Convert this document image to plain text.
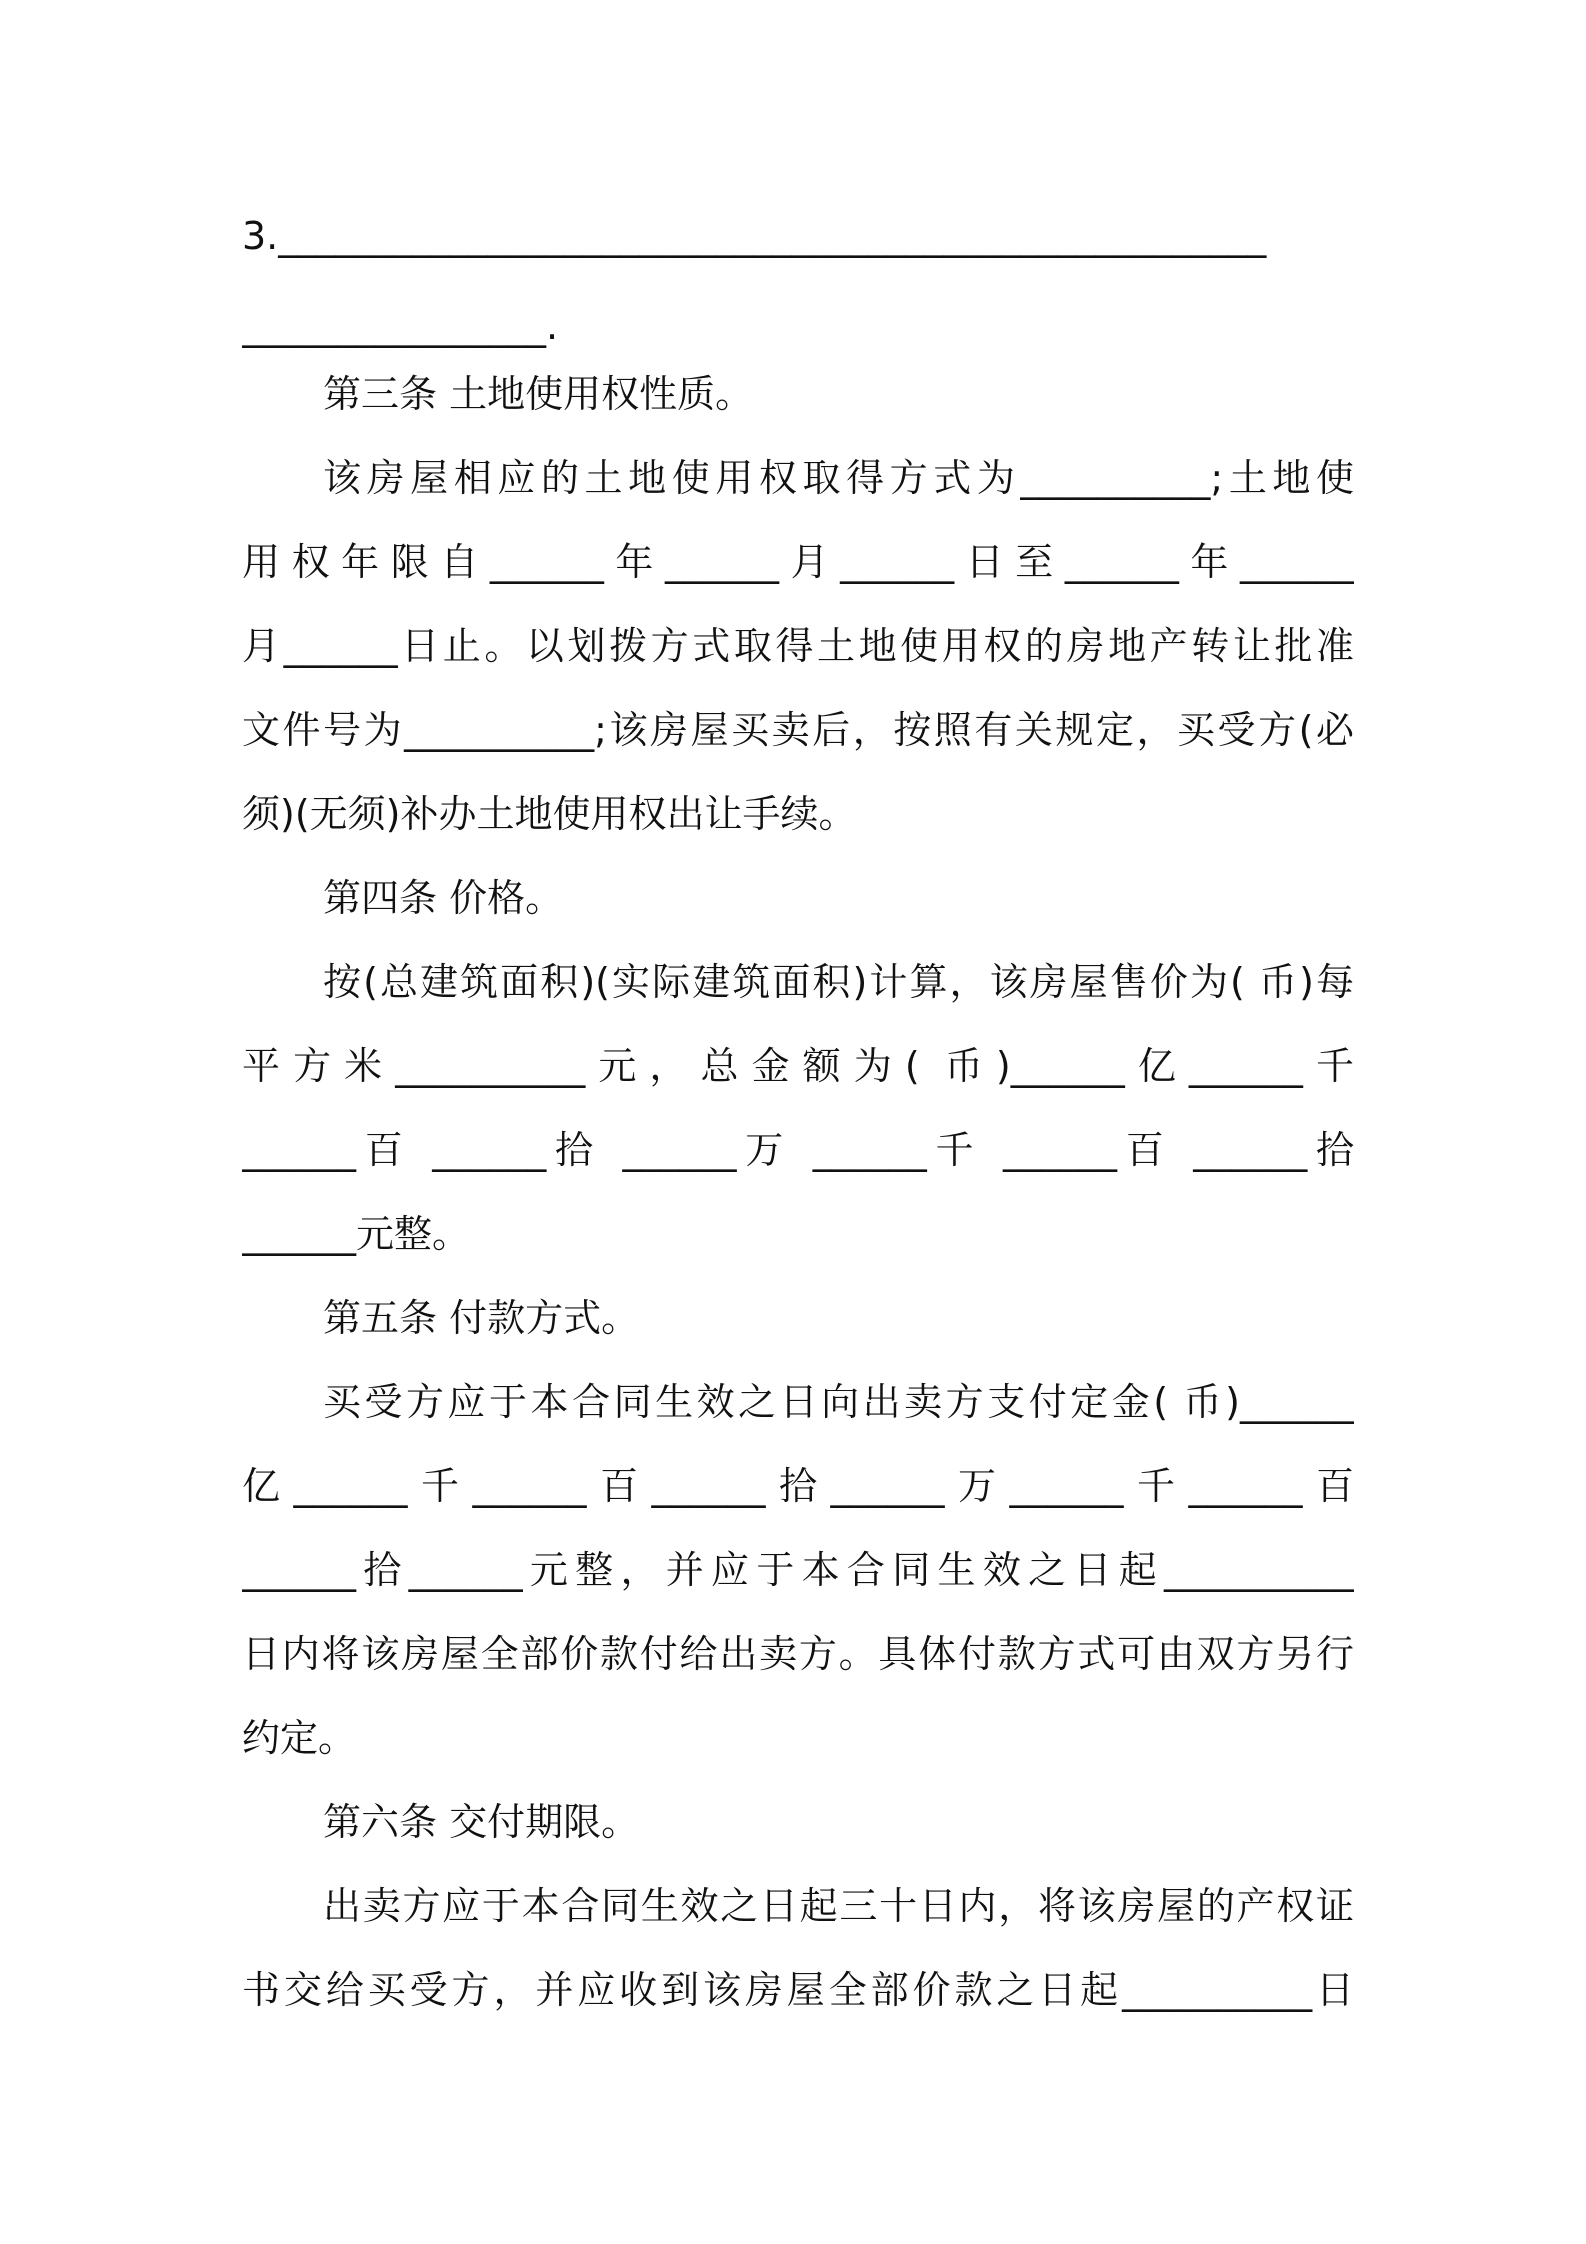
3.____________________________________________________
________________.
第三条 土地使用权性质。
该房屋相应的土地使用权取得方式为__________;土地使
用权年限自______年______月______日至______年______
月______日止。以划拨方式取得土地使用权的房地产转让批准
文件号为__________;该房屋买卖后，按照有关规定，买受方(必
须)(无须)补办土地使用权出让手续。
第四条 价格。
按(总建筑面积)(实际建筑面积)计算，该房屋售价为( 币)每
平方米__________元，总金额为( 币)______亿______千
______百 ______拾 ______万 ______千 ______百 ______拾
______元整。
第五条 付款方式。
买受方应于本合同生效之日向出卖方支付定金( 币)______
亿______千______百______拾______万______千______百
______拾______元整，并应于本合同生效之日起__________
日内将该房屋全部价款付给出卖方。具体付款方式可由双方另行
约定。
第六条 交付期限。
出卖方应于本合同生效之日起三十日内，将该房屋的产权证
书交给买受方，并应收到该房屋全部价款之日起__________日
